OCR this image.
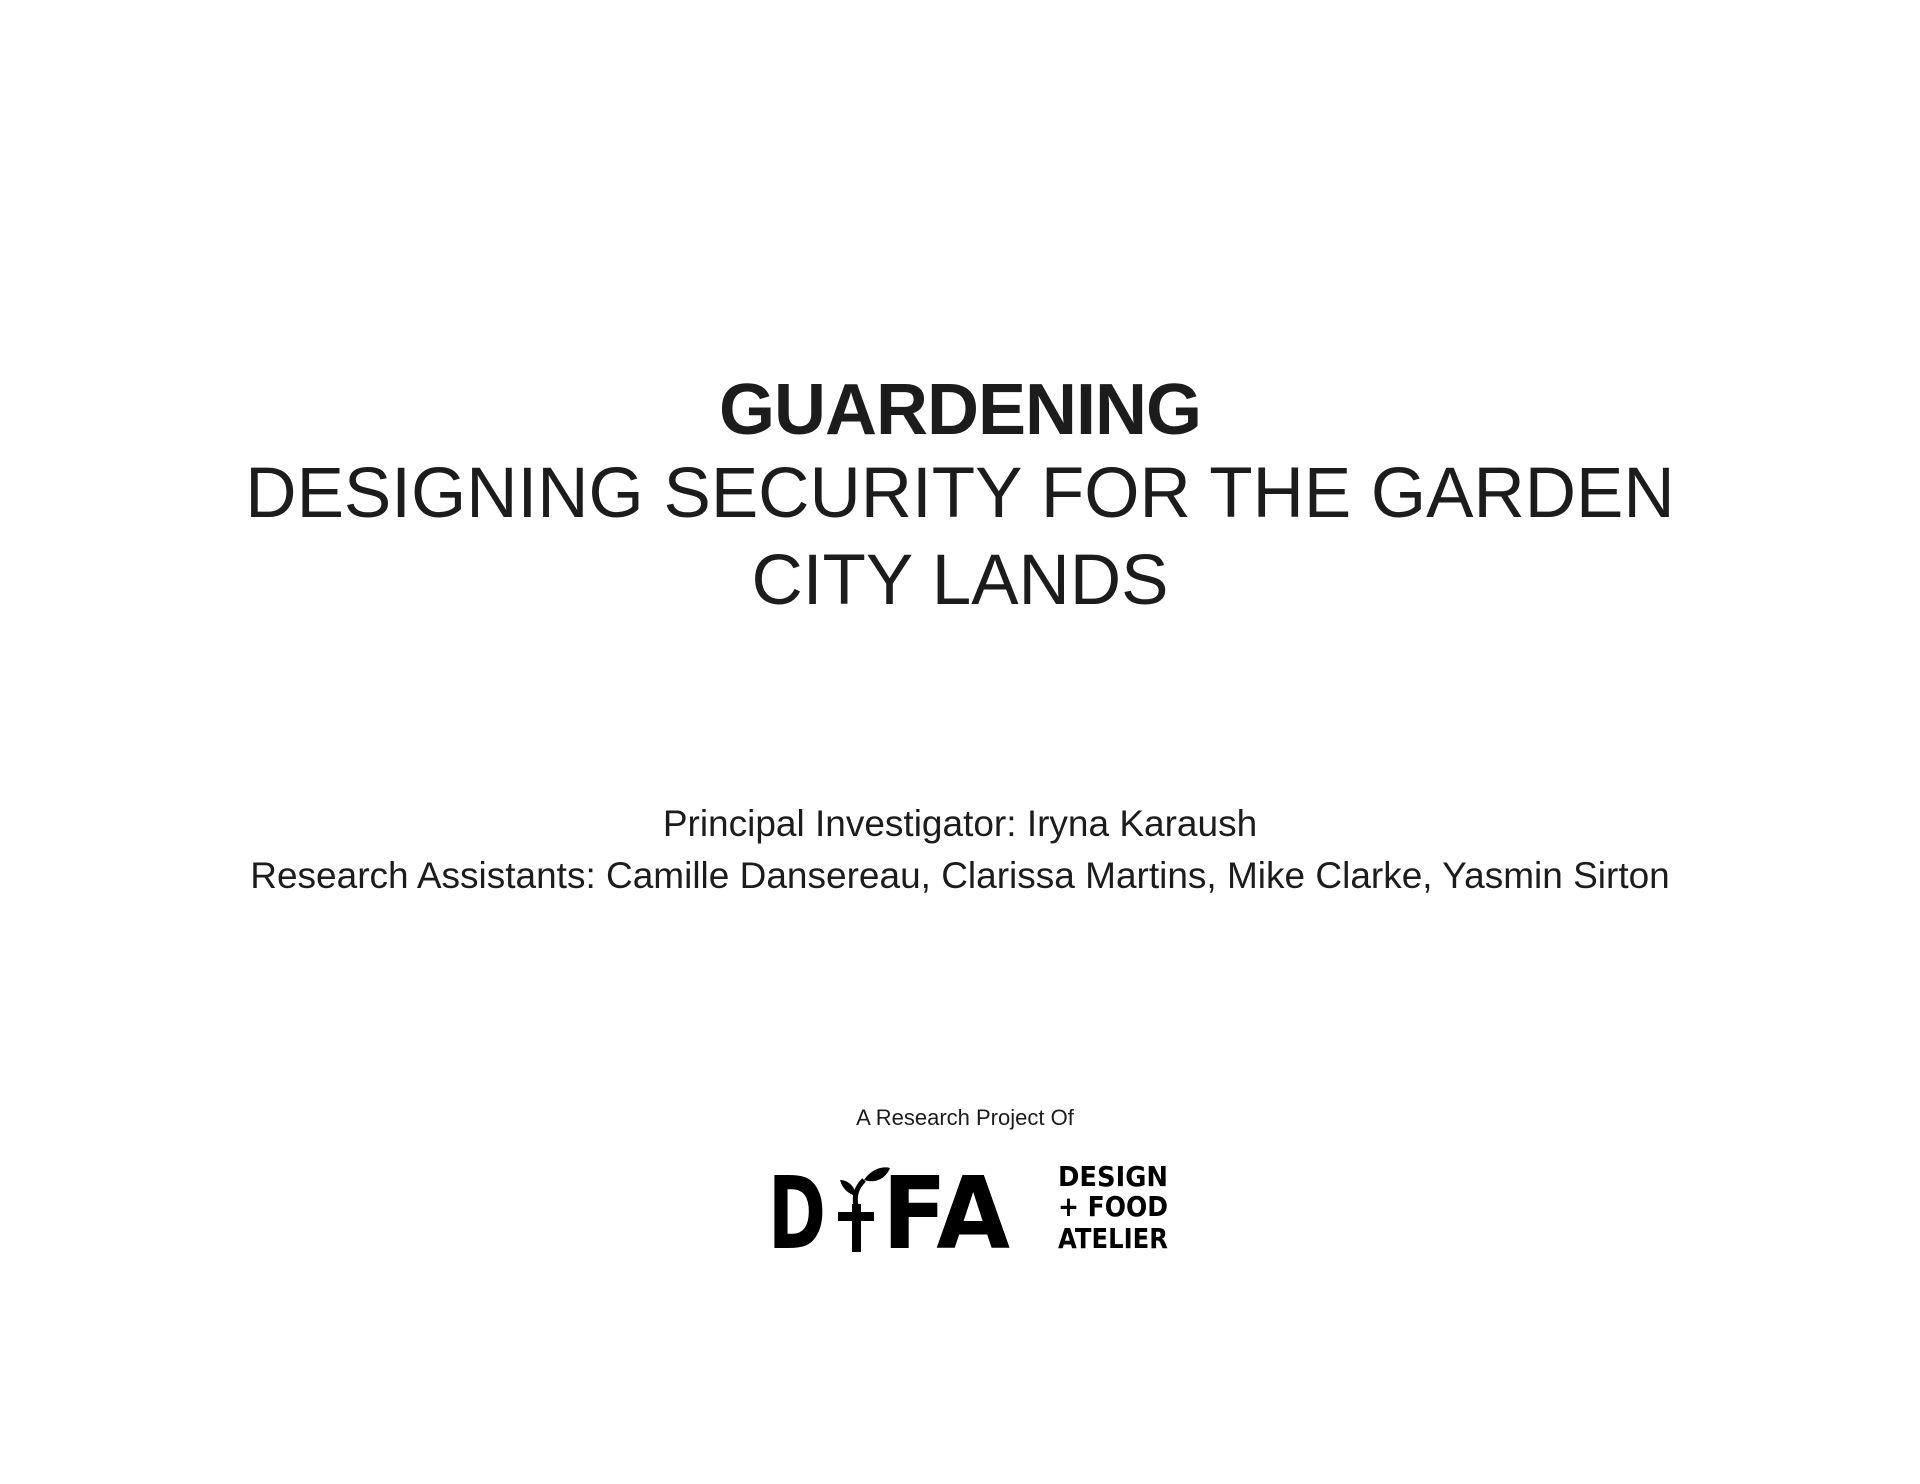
GUARDENING
DESIGNING SECURITY FOR THE GARDEN CITY LANDS

Principal Investigator: Iryna Karaush

Research Assistants: Camille Dansereau, Clarissa Martins, Mike Clarke, Yasmin Sirton

A Research Project Of
D FA DESIGN
+ FOOD
ATELIER
